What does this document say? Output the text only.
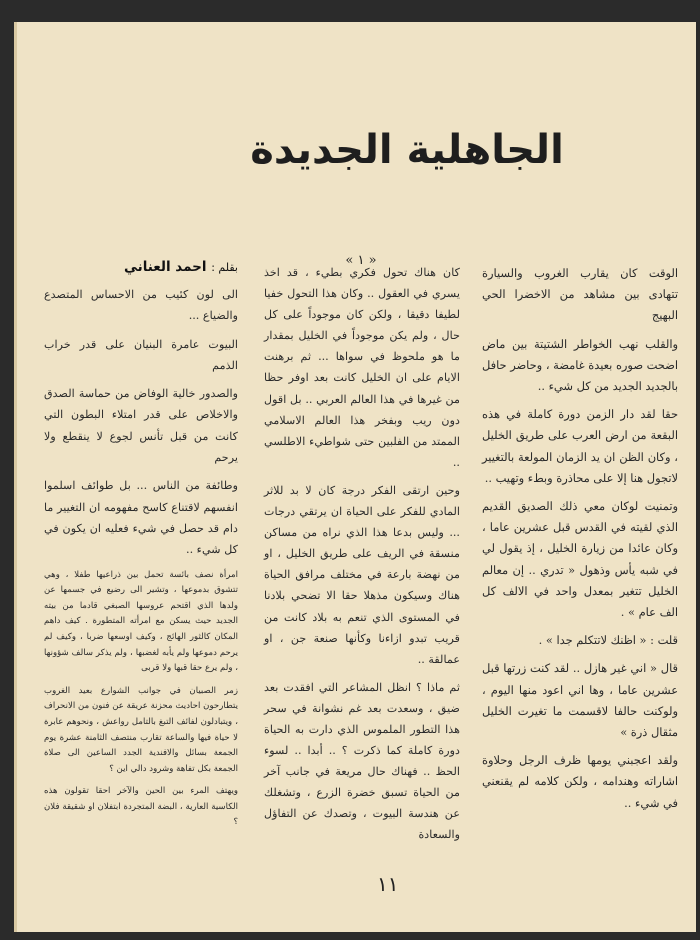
الجاهلية الجديدة
« ١ »

الوقت كان يقارب الغروب والسيارة تتهادى بين مشاهد من الاخضرا الحي البهيج

والقلب نهب الخواطر الشتيتة بين ماض اضحت صوره بعيدة غامضة ، وحاضر حافل بالجديد الجديد من كل شيء ..

حقا لقد دار الزمن دورة كاملة في هذه البقعة من ارض العرب على طريق الخليل ، وكان الظن ان يد الزمان المولعة بالتغيير لاتجول هنا إلا على محاذرة وبطء وتهيب ..

وتمنيت لوكان معي ذلك الصديق القديم الذي لقيته في القدس قبل عشرين عاما ، وكان عائدا من زيارة الخليل ، إذ يقول لي في شبه يأس وذهول « تدري .. إن معالم الخليل تتغير بمعدل واحد في الالف كل الف عام » .

قلت : « اظنك لاتتكلم جدا » .

قال « اني غير هازل .. لقد كنت زرتها قبل عشرين عاما ، وها اني اعود منها اليوم ، ولوكنت حالفا لاقسمت ما تغيرت الخليل مثقال ذرة »

ولقد اعجبني يومها ظرف الرجل وحلاوة اشاراته وهندامه ، ولكن كلامه لم يقنعني في شيء ..

كان هناك تحول فكري بطيء ، قد اخذ يسري في العقول .. وكان هذا التحول خفيا لطيفا دقيقا ، ولكن كان موجوداً على كل حال ، ولم يكن موجوداً في الخليل بمقدار ما هو ملحوظ في سواها ... ثم برهنت الايام على ان الخليل كانت بعد اوفر حظا من غيرها في هذا العالم العربي .. بل اقول دون ريب وبفخر هذا العالم الاسلامي الممتد من الفلبين حتى شواطيء الاطلسي ..

وحين ارتقى الفكر درجة كان لا بد للاثر المادي للفكر على الحياة ان يرتقي درجات ... وليس بدعا هذا الذي نراه من مساكن منسقة في الريف على طريق الخليل ، او من نهضة بارعة في مختلف مرافق الحياة هناك وسيكون مذهلا حقا الا تضحي بلادنا في المستوى الذي تنعم به بلاد كانت من قريب تبدو ازاءنا وكأنها صنعة جن ، او عمالقة ..

ثم ماذا ؟ انظل المشاعر التي افقدت بعد ضيق ، وسعدت بعد غم نشوانة في سحر هذا التطور الملموس الذي دارت به الحياة دورة كاملة كما ذكرت ؟ .. أبدا .. لسوء الحظ .. فهناك حال مريعة في جانب آخر من الحياة تسبق خضرة الزرع ، وتشغلك عن هندسة البيوت ، وتصدك عن التفاؤل والسعادة

بقلم : احمد العناني

الى لون كئيب من الاحساس المتصدع والضياع ...

البيوت عامرة البنيان على قدر خراب الذمم

والصدور خالية الوفاض من حماسة الصدق والاخلاص على قدر امتلاء البطون التي كانت من قبل تأنس لجوع لا ينقطع ولا يرحم

وطائفة من الناس ... بل طوائف اسلموا انفسهم لاقتناع كاسح مفهومه ان التغيير ما دام قد حصل في شيء فعليه ان يكون في كل شيء ..

امرأة نصف بائسة تحمل بين ذراعيها طفلا ، وهي تتشوق بدموعها ، وتشير الى رضيع في جسمها عن ولدها الذي اقتحم عروسها الصبغي قادما من بيته الجديد حيث يسكن مع امرأته المتطورة . كيف داهم المكان كالثور الهائج ، وكيف اوسعها ضربا ، وكيف لم يرحم دموعها ولم يأبه لغضبها ، ولم يذكر سالف شؤونها ، ولم يرع حقا قبها ولا قربى

زمر الصبيان في جوانب الشوارع بعيد الغروب يتطارحون احاديث محزنة عريقة عن فنون من الانحراف ، ويتبادلون لفائف التبغ بالتامل رواعش ، ونحوهم عابرة لا حياة فيها والساعة تقارب منتصف الثامنة عشرة يوم الجمعة بسائل والافندية الجدد الساعين الى صلاة الجمعة بكل تفاهة وشرود دالي اين ؟

ويهتف المرء بين الحين والآخر احقا تقولون هذه الكاسية العارية ، البضة المتجردة ابتفلان او شقيقة فلان ؟

١١
